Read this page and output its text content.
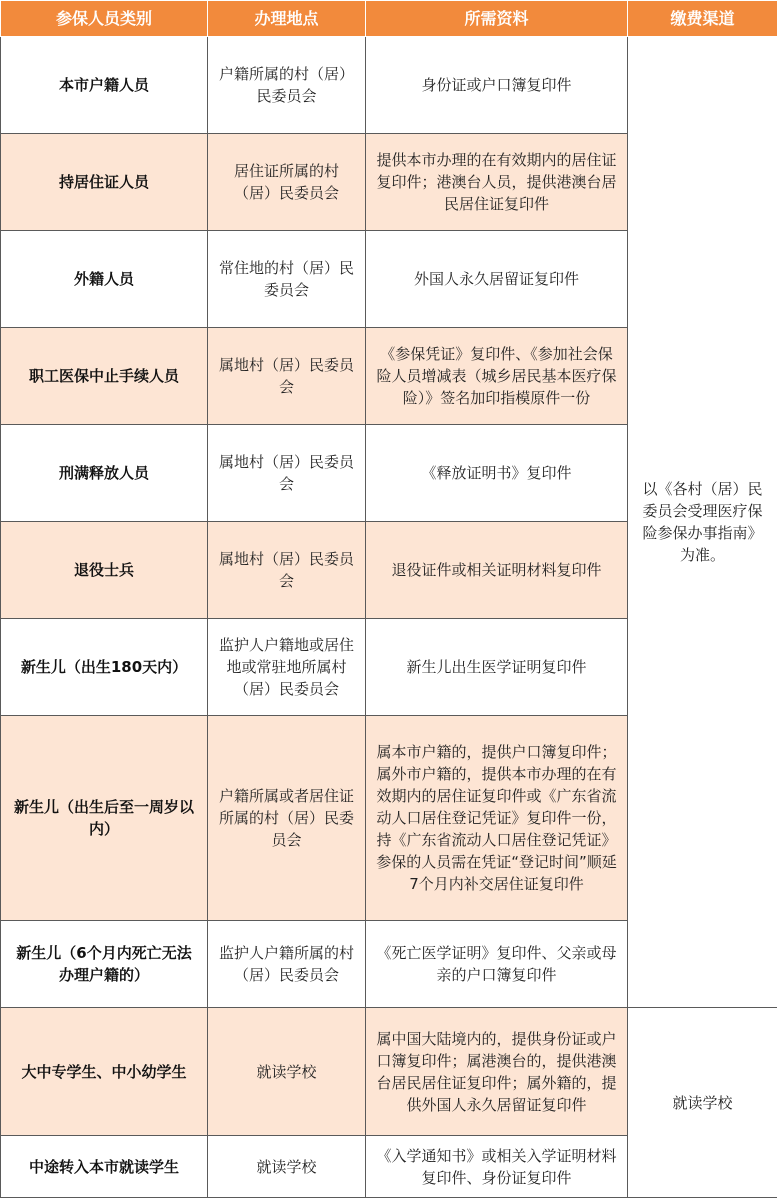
参保人员类别	办理地点	所需资料	缴费渠道
本市户籍人员	户籍所属的村（居）民委员会	身份证或户口簿复印件	以《各村（居）民委员会受理医疗保险参保办事指南》为准。
持居住证人员	居住证所属的村（居）民委员会	提供本市办理的在有效期内的居住证复印件；港澳台人员，提供港澳台居民居住证复印件	
外籍人员	常住地的村（居）民委员会	外国人永久居留证复印件	
职工医保中止手续人员	属地村（居）民委员会	《参保凭证》复印件、《参加社会保险人员增减表（城乡居民基本医疗保险）》签名加印指模原件一份	
刑满释放人员	属地村（居）民委员会	《释放证明书》复印件	
退役士兵	属地村（居）民委员会	退役证件或相关证明材料复印件	
新生儿（出生180天内）	监护人户籍地或居住地或常驻地所属村（居）民委员会	新生儿出生医学证明复印件	
新生儿（出生后至一周岁以内）	户籍所属或者居住证所属的村（居）民委员会	属本市户籍的，提供户口簿复印件；属外市户籍的，提供本市办理的在有效期内的居住证复印件或《广东省流动人口居住登记凭证》复印件一份，持《广东省流动人口居住登记凭证》参保的人员需在凭证“登记时间”顺延7个月内补交居住证复印件	
新生儿（6个月内死亡无法办理户籍的）	监护人户籍所属的村（居）民委员会	《死亡医学证明》复印件、父亲或母亲的户口簿复印件	
大中专学生、中小幼学生	就读学校	属中国大陆境内的，提供身份证或户口簿复印件；属港澳台的，提供港澳台居民居住证复印件；属外籍的，提供外国人永久居留证复印件	就读学校
中途转入本市就读学生	就读学校	《入学通知书》或相关入学证明材料复印件、身份证复印件	
